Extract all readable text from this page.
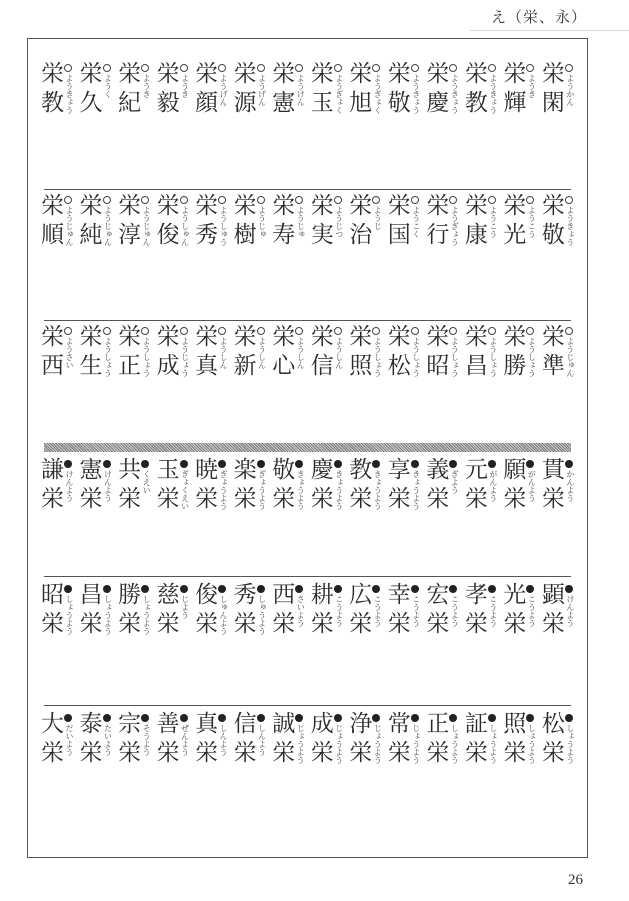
え（栄、永）
栄閑 ようかん
栄輝 ようき
栄教 ようきょう
栄慶 ようきょう
栄敬 ようきょう
栄旭 ようぎょく
栄玉 ようぎょく
栄憲 ようけん
栄源 ようげん
栄顔 ようげん
栄毅 ようき
栄紀 ようき
栄久 ようく
栄教 ようきょう
栄敬 ようきょう
栄光 ようこう
栄康 ようこう
栄行 ようぎょう
栄国 ようこく
栄治 ようじ
栄実 ようじつ
栄寿 ようじゅ
栄樹 ようじゅ
栄秀 ようしゅう
栄俊 ようしゅん
栄淳 ようじゅん
栄純 ようじゅん
栄順 ようじゅん
栄準 ようじゅん
栄勝 ようしょう
栄昌 ようしょう
栄昭 ようしょう
栄松 ようしょう
栄照 ようしょう
栄信 ようしん
栄心 ようしん
栄新 ようしん
栄真 ようしん
栄成 ようじょう
栄正 ようしょう
栄生 ようしょう
栄西 ようさい
貫栄 かんよう
願栄 がんよう
元栄 がんよう
義栄 ぎよう
享栄 きょうよう
教栄 きょうよう
慶栄 きょうよう
敬栄 きょうよう
楽栄 ぎょうよう
暁栄 ぎょうよう
玉栄 ぎょくえい
共栄 くえい
憲栄 けんよう
謙栄 けんよう
顕栄 けんよう
光栄 こうよう
孝栄 こうよう
宏栄 こうよう
幸栄 こうよう
広栄 こうよう
耕栄 こうよう
西栄 さいよう
秀栄 しゅうよう
俊栄 しゅんよう
慈栄 じよう
勝栄 しょうよう
昌栄 しょうよう
昭栄 しょうよう
松栄 しょうよう
照栄 しょうよう
証栄 しょうよう
正栄 しょうよう
常栄 じょうよう
浄栄 じょうよう
成栄 じょうよう
誠栄 じょうよう
信栄 しんよう
真栄 しんよう
善栄 ぜんよう
宗栄 そうよう
泰栄 たいよう
大栄 だいよう
26
